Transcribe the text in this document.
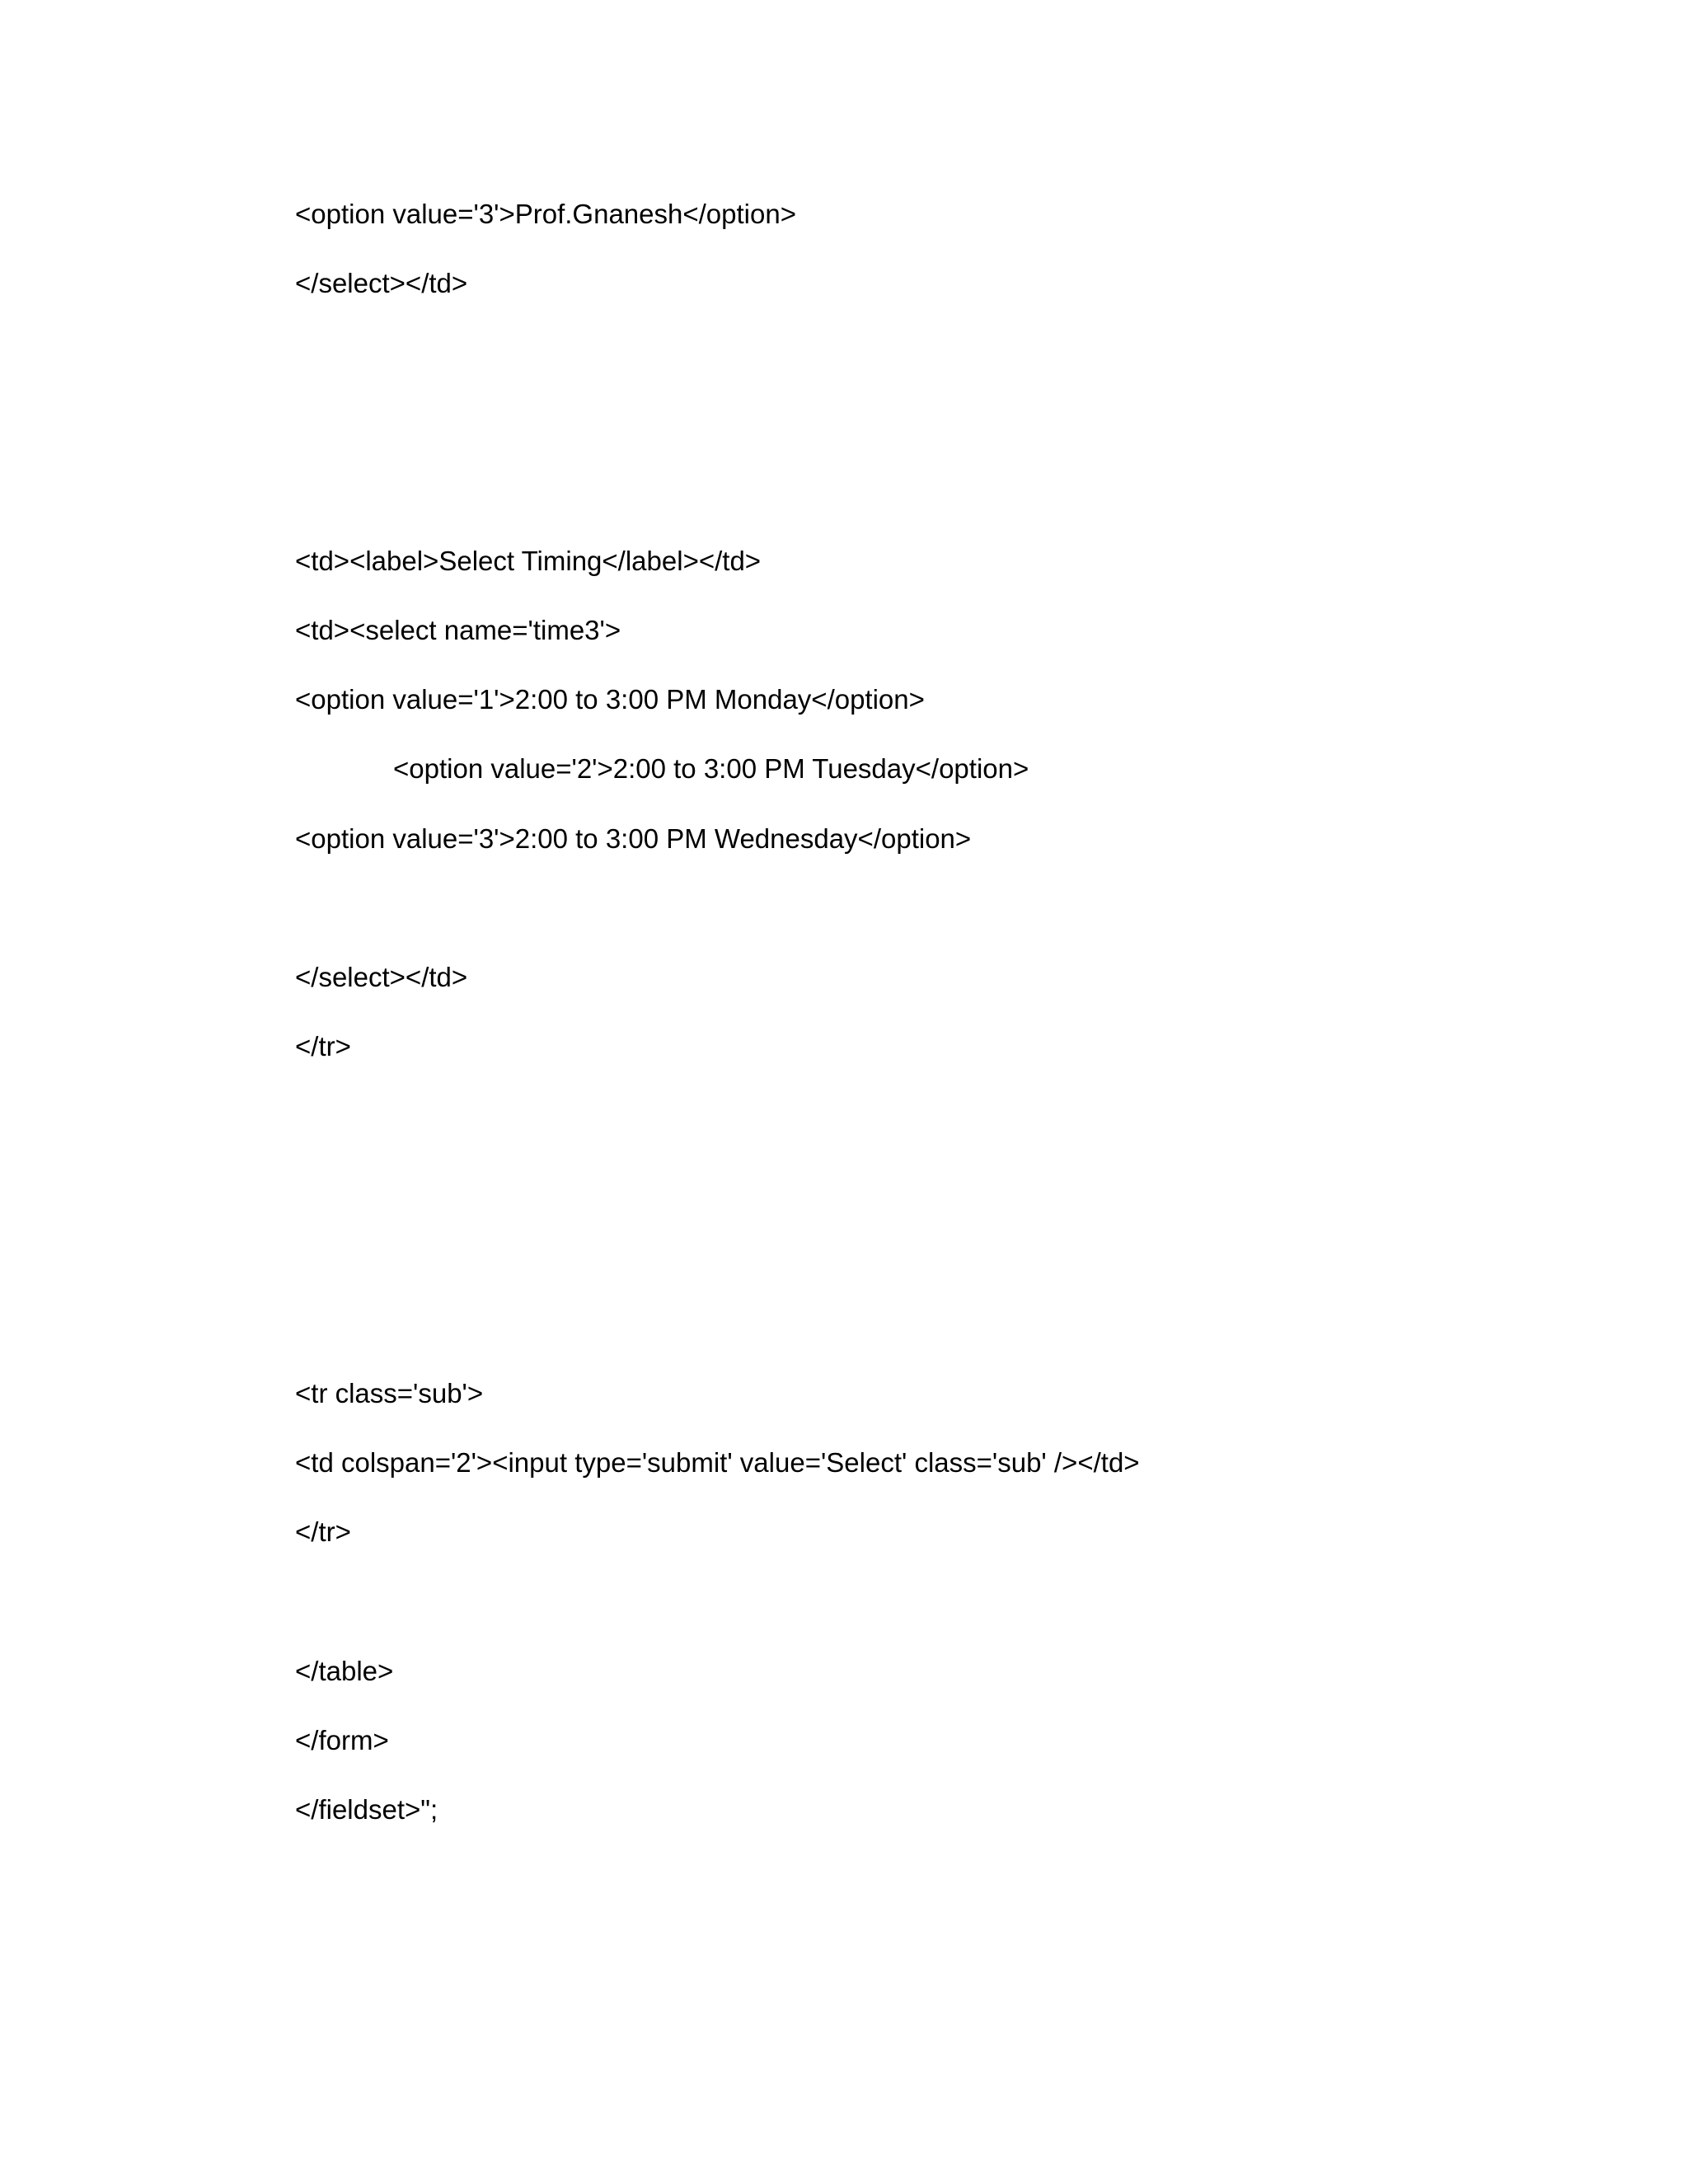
<option value='3'>Prof.Gnanesh</option>
</select></td>
<td><label>Select Timing</label></td>
<td><select name='time3'>
<option value='1'>2:00 to 3:00 PM Monday</option>
<option value='2'>2:00 to 3:00 PM Tuesday</option>
<option value='3'>2:00 to 3:00 PM Wednesday</option>
</select></td>
</tr>
<tr class='sub'>
<td colspan='2'><input type='submit' value='Select' class='sub' /></td>
</tr>
</table>
</form>
</fieldset>";
